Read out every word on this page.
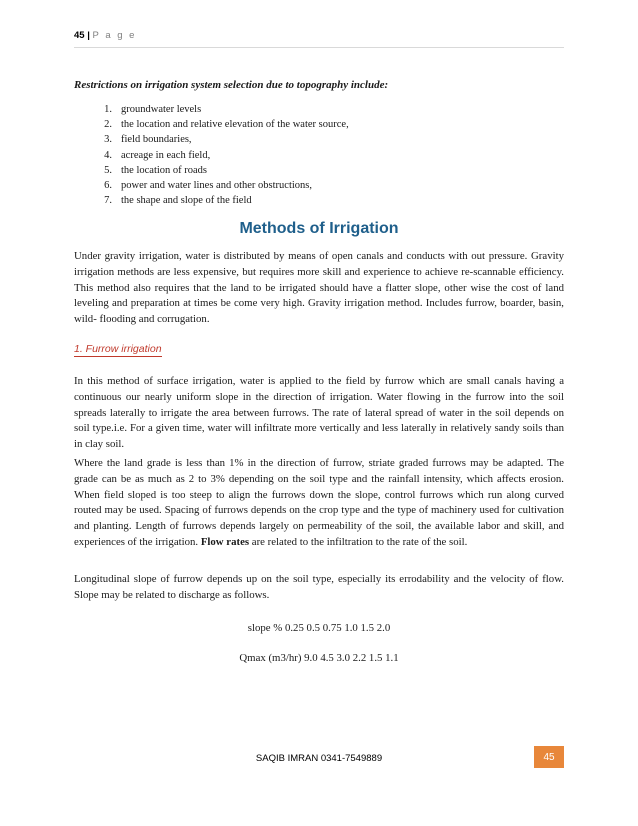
45 | P a g e

Restrictions on irrigation system selection due to topography include:

1. groundwater levels
2. the location and relative elevation of the water source,
3. field boundaries,
4. acreage in each field,
5. the location of roads
6. power and water lines and other obstructions,
7. the shape and slope of the field
Methods of Irrigation

Under gravity irrigation, water is distributed by means of open canals and conducts with out pressure. Gravity irrigation methods are less expensive, but requires more skill and experience to achieve re-scannable efficiency. This method also requires that the land to be irrigated should have a flatter slope, other wise the cost of land leveling and preparation at times be come very high. Gravity irrigation method. Includes furrow, boarder, basin, wild- flooding and corrugation.

1. Furrow irrigation

In this method of surface irrigation, water is applied to the field by furrow which are small canals having a continuous our nearly uniform slope in the direction of irrigation. Water flowing in the furrow into the soil spreads laterally to irrigate the area between furrows. The rate of lateral spread of water in the soil depends on soil type.i.e. For a given time, water will infiltrate more vertically and less laterally in relatively sandy soils than in clay soil.

Where the land grade is less than 1% in the direction of furrow, striate graded furrows may be adapted. The grade can be as much as 2 to 3% depending on the soil type and the rainfall intensity, which affects erosion. When field sloped is too steep to align the furrows down the slope, control furrows which run along curved routed may be used. Spacing of furrows depends on the crop type and the type of machinery used for cultivation and planting. Length of furrows depends largely on permeability of the soil, the available labor and skill, and experiences of the irrigation. Flow rates are related to the infiltration to the rate of the soil.

Longitudinal slope of furrow depends up on the soil type, especially its errodability and the velocity of flow. Slope may be related to discharge as follows.

slope % 0.25 0.5 0.75 1.0 1.5 2.0

Qmax (m3/hr) 9.0 4.5 3.0 2.2 1.5 1.1

SAQIB IMRAN 0341-7549889	45
